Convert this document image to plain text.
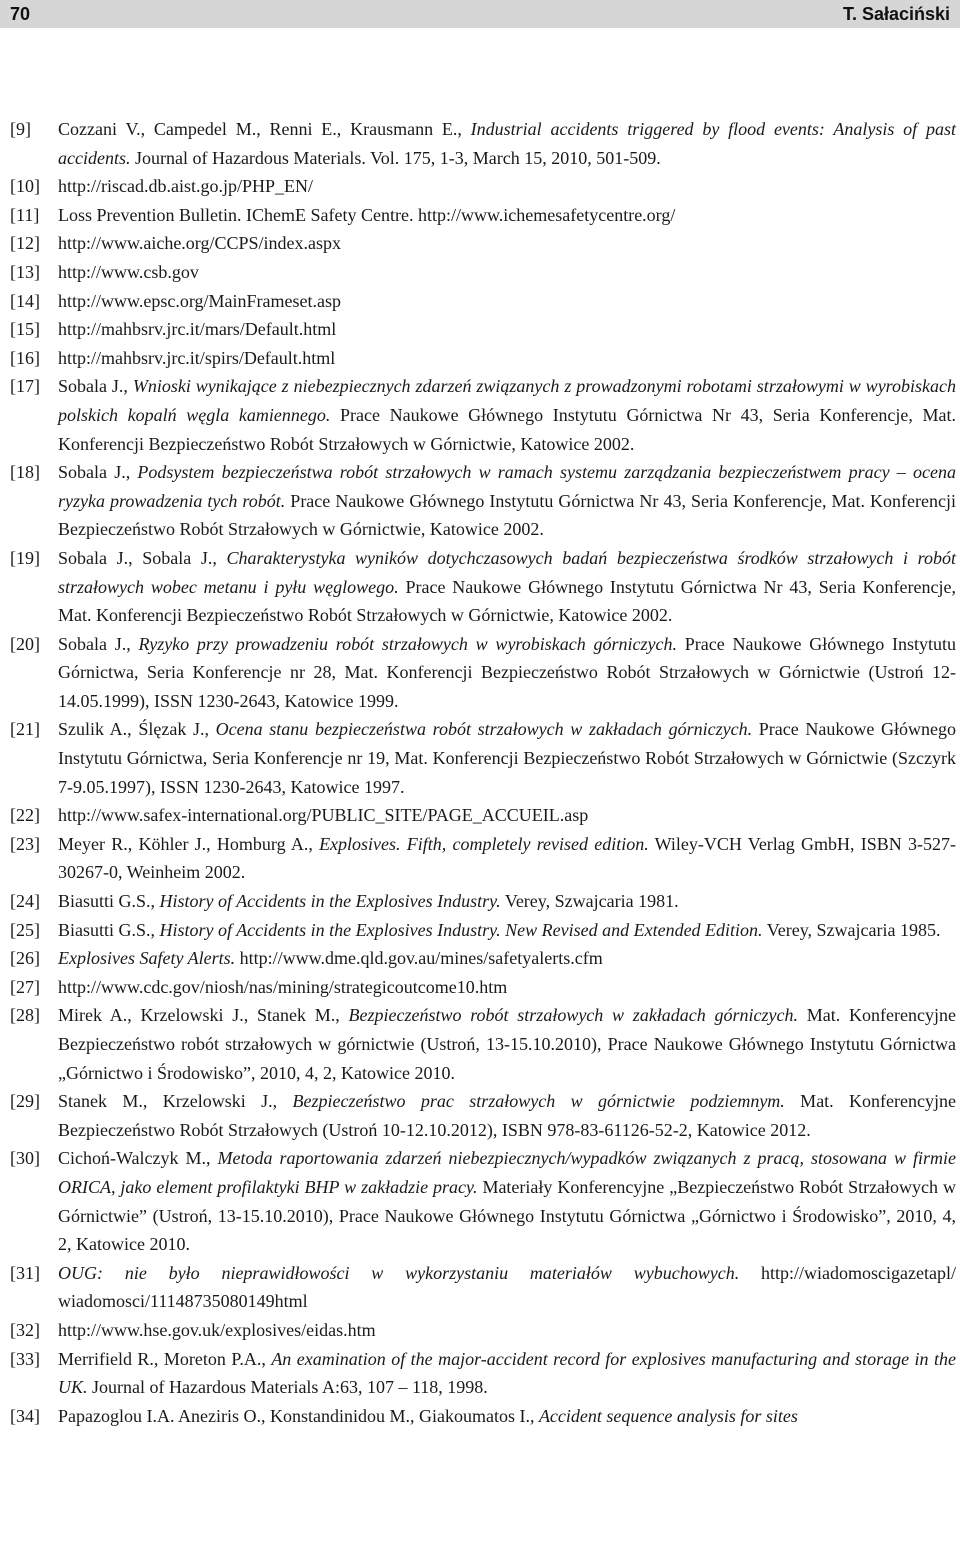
70	T. Sałaciński
[9] Cozzani V., Campedel M., Renni E., Krausmann E., Industrial accidents triggered by flood events: Analysis of past accidents. Journal of Hazardous Materials. Vol. 175, 1-3, March 15, 2010, 501-509.
[10] http://riscad.db.aist.go.jp/PHP_EN/
[11] Loss Prevention Bulletin. IChemE Safety Centre. http://www.ichemesafetycentre.org/
[12] http://www.aiche.org/CCPS/index.aspx
[13] http://www.csb.gov
[14] http://www.epsc.org/MainFrameset.asp
[15] http://mahbsrv.jrc.it/mars/Default.html
[16] http://mahbsrv.jrc.it/spirs/Default.html
[17] Sobala J., Wnioski wynikające z niebezpiecznych zdarzeń związanych z prowadzonymi robotami strzałowymi w wyrobiskach polskich kopalń węgla kamiennego. Prace Naukowe Głównego Instytutu Górnictwa Nr 43, Seria Konferencje, Mat. Konferencji Bezpieczeństwo Robót Strzałowych w Górnictwie, Katowice 2002.
[18] Sobala J., Podsystem bezpieczeństwa robót strzałowych w ramach systemu zarządzania bezpieczeństwem pracy – ocena ryzyka prowadzenia tych robót. Prace Naukowe Głównego Instytutu Górnictwa Nr 43, Seria Konferencje, Mat. Konferencji Bezpieczeństwo Robót Strzałowych w Górnictwie, Katowice 2002.
[19] Sobala J., Sobala J., Charakterystyka wyników dotychczasowych badań bezpieczeństwa środków strzałowych i robót strzałowych wobec metanu i pyłu węglowego. Prace Naukowe Głównego Instytutu Górnictwa Nr 43, Seria Konferencje, Mat. Konferencji Bezpieczeństwo Robót Strzałowych w Górnictwie, Katowice 2002.
[20] Sobala J., Ryzyko przy prowadzeniu robót strzałowych w wyrobiskach górniczych. Prace Naukowe Głównego Instytutu Górnictwa, Seria Konferencje nr 28, Mat. Konferencji Bezpieczeństwo Robót Strzałowych w Górnictwie (Ustroń 12-14.05.1999), ISSN 1230-2643, Katowice 1999.
[21] Szulik A., Ślęzak J., Ocena stanu bezpieczeństwa robót strzałowych w zakładach górniczych. Prace Naukowe Głównego Instytutu Górnictwa, Seria Konferencje nr 19, Mat. Konferencji Bezpieczeństwo Robót Strzałowych w Górnictwie (Szczyrk 7-9.05.1997), ISSN 1230-2643, Katowice 1997.
[22] http://www.safex-international.org/PUBLIC_SITE/PAGE_ACCUEIL.asp
[23] Meyer R., Köhler J., Homburg A., Explosives. Fifth, completely revised edition. Wiley-VCH Verlag GmbH, ISBN 3-527-30267-0, Weinheim 2002.
[24] Biasutti G.S., History of Accidents in the Explosives Industry. Verey, Szwajcaria 1981.
[25] Biasutti G.S., History of Accidents in the Explosives Industry. New Revised and Extended Edition. Verey, Szwajcaria 1985.
[26] Explosives Safety Alerts. http://www.dme.qld.gov.au/mines/safetyalerts.cfm
[27] http://www.cdc.gov/niosh/nas/mining/strategicoutcome10.htm
[28] Mirek A., Krzelowski J., Stanek M., Bezpieczeństwo robót strzałowych w zakładach górniczych. Mat. Konferencyjne Bezpieczeństwo robót strzałowych w górnictwie (Ustroń, 13-15.10.2010), Prace Naukowe Głównego Instytutu Górnictwa „Górnictwo i Środowisko”, 2010, 4, 2, Katowice 2010.
[29] Stanek M., Krzelowski J., Bezpieczeństwo prac strzałowych w górnictwie podziemnym. Mat. Konferencyjne Bezpieczeństwo Robót Strzałowych (Ustroń 10-12.10.2012), ISBN 978-83-61126-52-2, Katowice 2012.
[30] Cichoń-Walczyk M., Metoda raportowania zdarzeń niebezpiecznych/wypadków związanych z pracą, stosowana w firmie ORICA, jako element profilaktyki BHP w zakładzie pracy. Materiały Konferencyjne „Bezpieczeństwo Robót Strzałowych w Górnictwie” (Ustroń, 13-15.10.2010), Prace Naukowe Głównego Instytutu Górnictwa „Górnictwo i Środowisko”, 2010, 4, 2, Katowice 2010.
[31] OUG: nie było nieprawidłowości w wykorzystaniu materiałów wybuchowych. http://wiadomoscigazetapl/ wiadomosci/11148735080149html
[32] http://www.hse.gov.uk/explosives/eidas.htm
[33] Merrifield R., Moreton P.A., An examination of the major-accident record for explosives manufacturing and storage in the UK. Journal of Hazardous Materials A:63, 107 – 118, 1998.
[34] Papazoglou I.A. Aneziris O., Konstandinidou M., Giakoumatos I., Accident sequence analysis for sites
